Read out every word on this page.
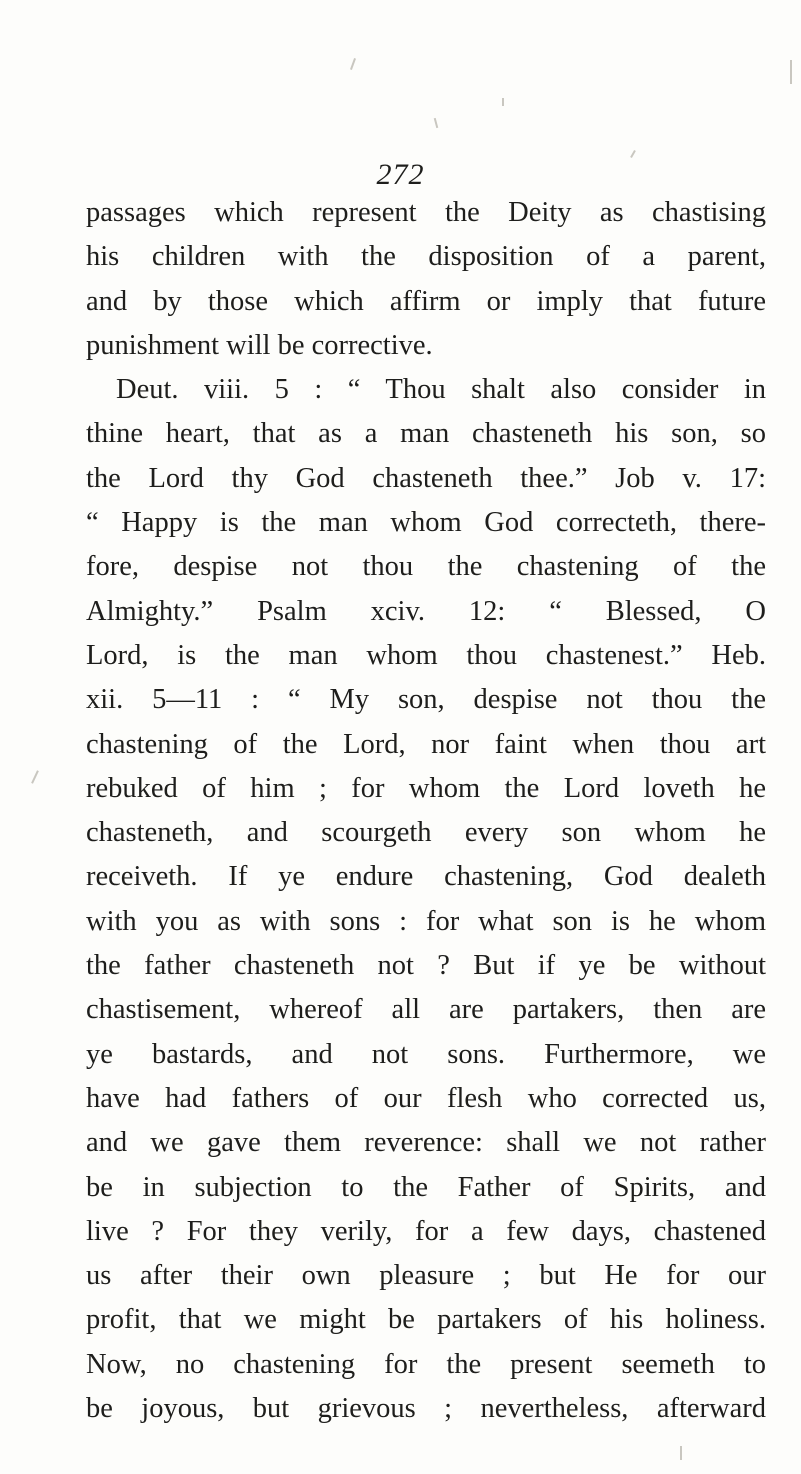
272
passages which represent the Deity as chastising
his children with the disposition of a parent,
and by those which affirm or imply that future
punishment will be corrective.
Deut. viii. 5 : “ Thou shalt also consider in
thine heart, that as a man chasteneth his son, so
the Lord thy God chasteneth thee.” Job v. 17:
“ Happy is the man whom God correcteth, there-
fore, despise not thou the chastening of the
Almighty.” Psalm xciv. 12: “ Blessed, O
Lord, is the man whom thou chastenest.” Heb.
xii. 5—11 : “ My son, despise not thou the
chastening of the Lord, nor faint when thou art
rebuked of him ; for whom the Lord loveth he
chasteneth, and scourgeth every son whom he
receiveth. If ye endure chastening, God dealeth
with you as with sons : for what son is he whom
the father chasteneth not ? But if ye be without
chastisement, whereof all are partakers, then are
ye bastards, and not sons. Furthermore, we
have had fathers of our flesh who corrected us,
and we gave them reverence: shall we not rather
be in subjection to the Father of Spirits, and
live ? For they verily, for a few days, chastened
us after their own pleasure ; but He for our
profit, that we might be partakers of his holiness.
Now, no chastening for the present seemeth to
be joyous, but grievous ; nevertheless, afterward
